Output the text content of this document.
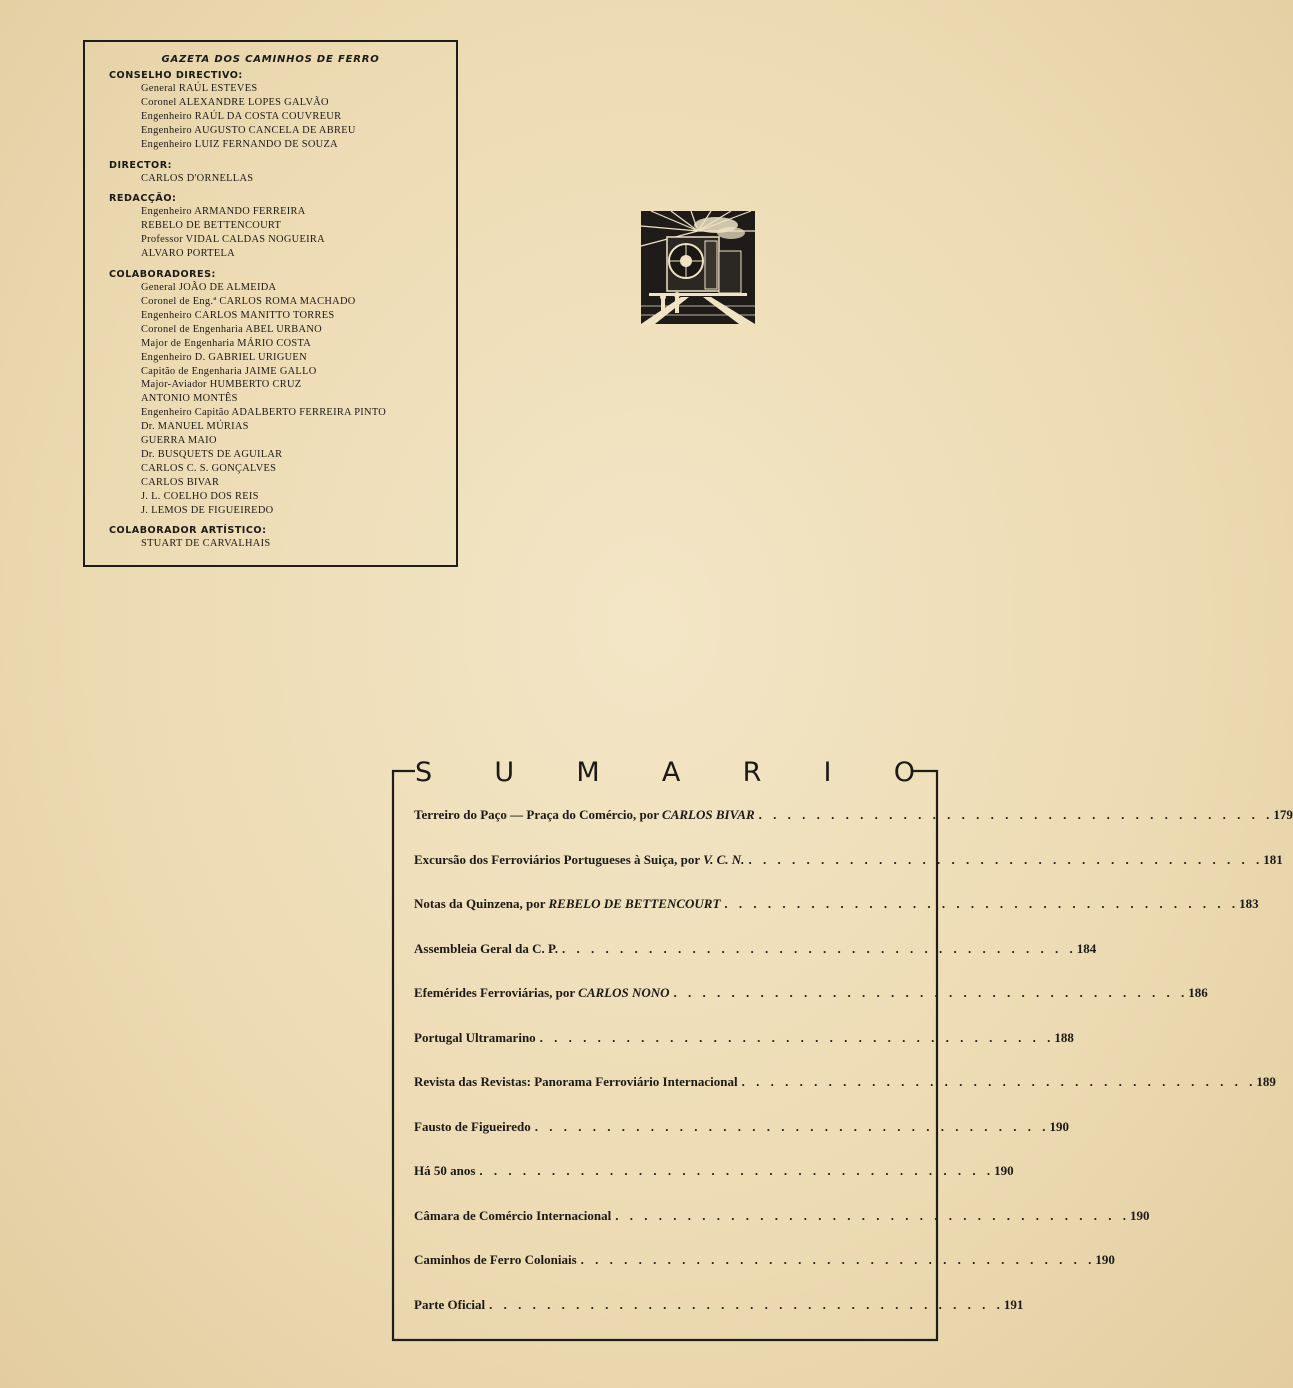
GAZETA DOS CAMINHOS DE FERRO
CONSELHO DIRECTIVO:
General RAÚL ESTEVES
Coronel ALEXANDRE LOPES GALVÃO
Engenheiro RAÚL DA COSTA COUVREUR
Engenheiro AUGUSTO CANCELA DE ABREU
Engenheiro LUIZ FERNANDO DE SOUZA
DIRECTOR:
CARLOS D'ORNELLAS
REDACÇÃO:
Engenheiro ARMANDO FERREIRA
REBELO DE BETTENCOURT
Professor VIDAL CALDAS NOGUEIRA
ALVARO PORTELA
COLABORADORES:
General JOÃO DE ALMEIDA
Coronel de Eng.ª CARLOS ROMA MACHADO
Engenheiro CARLOS MANITTO TORRES
Coronel de Engenharia ABEL URBANO
Major de Engenharia MÁRIO COSTA
Engenheiro D. GABRIEL URIGUEN
Capitão de Engenharia JAIME GALLO
Major-Aviador HUMBERTO CRUZ
ANTONIO MONTÊS
Engenheiro Capitão ADALBERTO FERREIRA PINTO
Dr. MANUEL MÚRIAS
GUERRA MAIO
Dr. BUSQUETS DE AGUILAR
CARLOS C. S. GONÇALVES
CARLOS BIVAR
J. L. COELHO DOS REIS
J. LEMOS DE FIGUEIREDO
COLABORADOR ARTÍSTICO:
STUART DE CARVALHAIS
S U M A R I O
Terreiro do Paço — Praça do Comércio, por CARLOS BIVAR . . . . . . . . . . . . . . . . . . . . . . . . . . . . . . . . . . . . 179
Excursão dos Ferroviários Portugueses à Suiça, por V. C. N. . . . . . . . . . . . . . . . . . . . . . . . . . . . . . . . . . . . . 181
Notas da Quinzena, por REBELO DE BETTENCOURT . . . . . . . . . . . . . . . . . . . . . . . . . . . . . . . . . . . . 183
Assembleia Geral da C. P. . . . . . . . . . . . . . . . . . . . . . . . . . . . . . . . . . . . . 184
Efemérides Ferroviárias, por CARLOS NONO . . . . . . . . . . . . . . . . . . . . . . . . . . . . . . . . . . . . 186
Portugal Ultramarino . . . . . . . . . . . . . . . . . . . . . . . . . . . . . . . . . . . . 188
Revista das Revistas: Panorama Ferroviário Internacional . . . . . . . . . . . . . . . . . . . . . . . . . . . . . . . . . . . . 189
Fausto de Figueiredo . . . . . . . . . . . . . . . . . . . . . . . . . . . . . . . . . . . . 190
Há 50 anos . . . . . . . . . . . . . . . . . . . . . . . . . . . . . . . . . . . . 190
Câmara de Comércio Internacional . . . . . . . . . . . . . . . . . . . . . . . . . . . . . . . . . . . . 190
Caminhos de Ferro Coloniais . . . . . . . . . . . . . . . . . . . . . . . . . . . . . . . . . . . . 190
Parte Oficial . . . . . . . . . . . . . . . . . . . . . . . . . . . . . . . . . . . . 191
